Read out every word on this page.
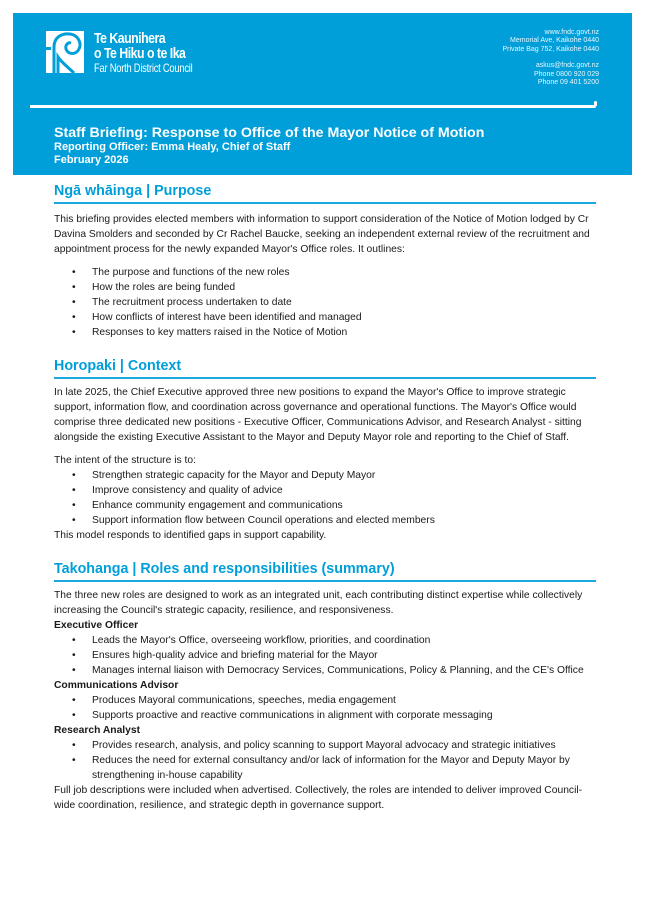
Te Kaunihera
o Te Hiku o te Ika
Far North District Council
www.fndc.govt.nz
Memorial Ave, Kaikohe 0440
Private Bag 752, Kaikohe 0440
askus@fndc.govt.nz
Phone 0800 920 029
Phone 09 401 5200
Staff Briefing: Response to Office of the Mayor Notice of Motion
Reporting Officer: Emma Healy, Chief of Staff
February 2026
Ngā whāinga | Purpose

This briefing provides elected members with information to support consideration of the Notice of Motion lodged by Cr Davina Smolders and seconded by Cr Rachel Baucke, seeking an independent external review of the recruitment and appointment process for the newly expanded Mayor's Office roles. It outlines:

• The purpose and functions of the new roles
• How the roles are being funded
• The recruitment process undertaken to date
• How conflicts of interest have been identified and managed
• Responses to key matters raised in the Notice of Motion
Horopaki | Context

In late 2025, the Chief Executive approved three new positions to expand the Mayor's Office to improve strategic support, information flow, and coordination across governance and operational functions. The Mayor's Office would comprise three dedicated new positions - Executive Officer, Communications Advisor, and Research Analyst - sitting alongside the existing Executive Assistant to the Mayor and Deputy Mayor role and reporting to the Chief of Staff.

The intent of the structure is to:

• Strengthen strategic capacity for the Mayor and Deputy Mayor
• Improve consistency and quality of advice
• Enhance community engagement and communications
• Support information flow between Council operations and elected members

This model responds to identified gaps in support capability.

Takohanga | Roles and responsibilities (summary)

The three new roles are designed to work as an integrated unit, each contributing distinct expertise while collectively increasing the Council's strategic capacity, resilience, and responsiveness.

Executive Officer
• Leads the Mayor's Office, overseeing workflow, priorities, and coordination
• Ensures high-quality advice and briefing material for the Mayor
• Manages internal liaison with Democracy Services, Communications, Policy & Planning, and the CE's Office
Communications Advisor
• Produces Mayoral communications, speeches, media engagement
• Supports proactive and reactive communications in alignment with corporate messaging
Research Analyst
• Provides research, analysis, and policy scanning to support Mayoral advocacy and strategic initiatives
• Reduces the need for external consultancy and/or lack of information for the Mayor and Deputy Mayor by strengthening in-house capability

Full job descriptions were included when advertised. Collectively, the roles are intended to deliver improved Council-wide coordination, resilience, and strategic depth in governance support.
